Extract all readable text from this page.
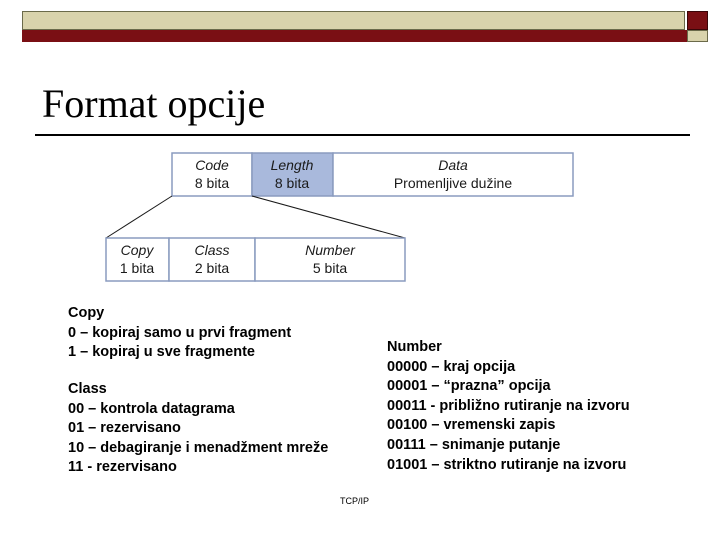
Format opcije
Code
8 bita
Length
8 bita
Data
Promenljive dužine
Copy
1 bita
Class
2 bita
Number
5 bita
Copy
0 – kopiraj samo u prvi fragment
1 – kopiraj u sve fragmente
Class
00 – kontrola datagrama
01 – rezervisano
10 – debagiranje i menadžment mreže
11 - rezervisano
Number
00000 – kraj opcija
00001 – “prazna” opcija
00011 - približno rutiranje na izvoru
00100 – vremenski zapis
00111 – snimanje putanje
01001 – striktno rutiranje na izvoru
TCP/IP
